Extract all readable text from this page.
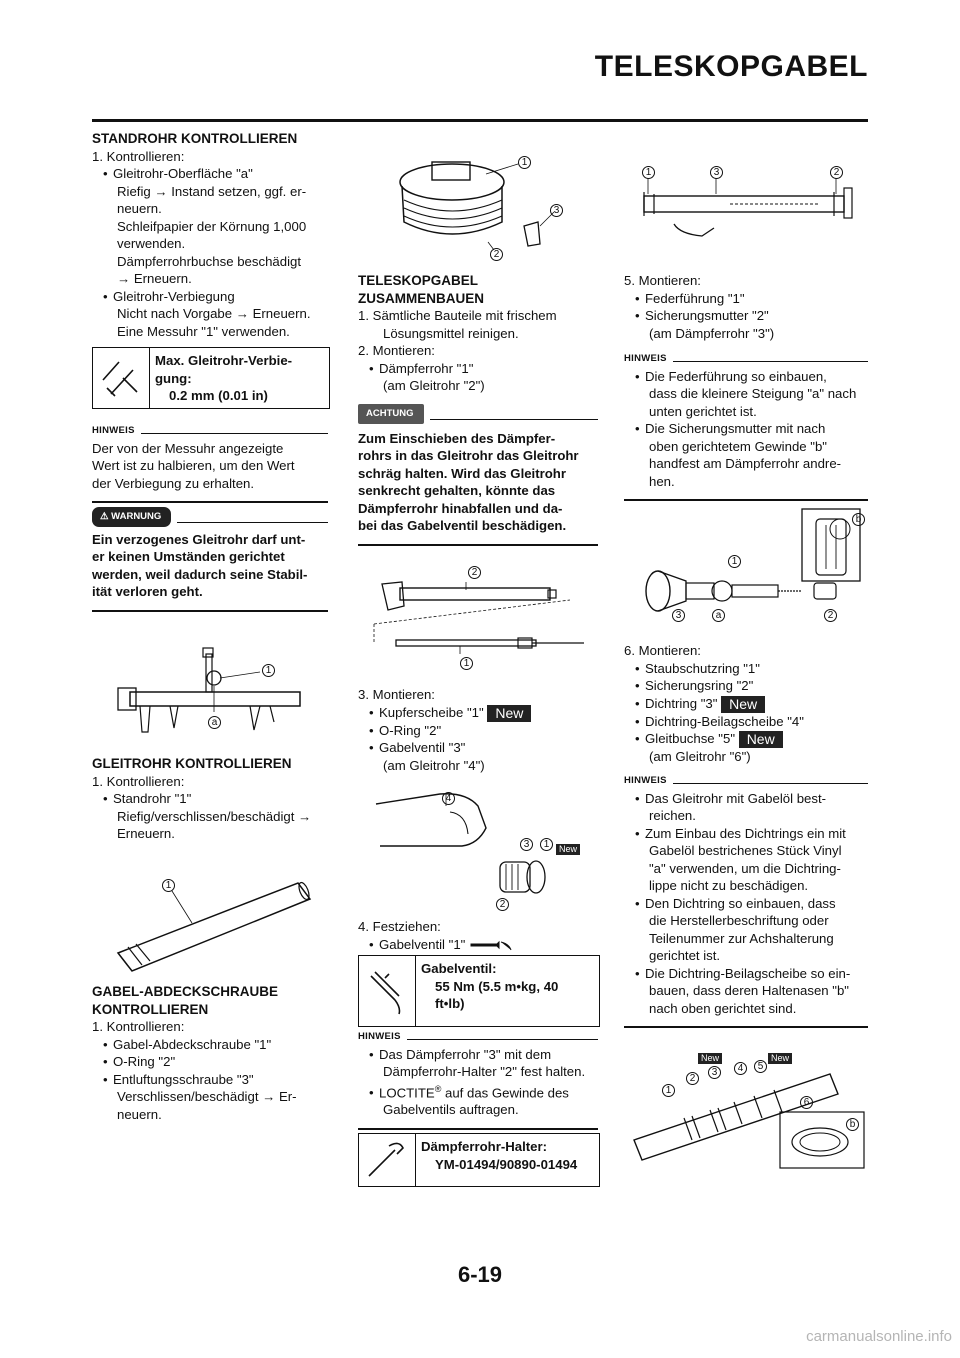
TELESKOPGABEL
STANDROHR KONTROLLIEREN
1. Kontrollieren:
• Gleitrohr-Oberfläche "a"
Riefig → Instand setzen, ggf. er-
neuern.
Schleifpapier der Körnung 1,000
verwenden.
Dämpferrohrbuchse beschädigt
→ Erneuern.
• Gleitrohr-Verbiegung
Nicht nach Vorgabe → Erneuern.
Eine Messuhr "1" verwenden.
Max. Gleitrohr-Verbie-
gung:
0.2 mm (0.01 in)
HINWEIS
Der von der Messuhr angezeigte
Wert ist zu halbieren, um den Wert
der Verbiegung zu erhalten.
⚠ WARNUNG
Ein verzogenes Gleitrohr darf unt-
er keinen Umständen gerichtet
werden, weil dadurch seine Stabil-
ität verloren geht.
1
a
GLEITROHR KONTROLLIEREN
1. Kontrollieren:
• Standrohr "1"
Riefig/verschlissen/beschädigt →
Erneuern.
1
GABEL-ABDECKSCHRAUBE
KONTROLLIEREN
1. Kontrollieren:
• Gabel-Abdeckschraube "1"
• O-Ring "2"
• Entluftungsschraube "3"
Verschlissen/beschädigt → Er-
neuern.
1
3
2
TELESKOPGABEL
ZUSAMMENBAUEN
1. Sämtliche Bauteile mit frischem
Lösungsmittel reinigen.
2. Montieren:
• Dämpferrohr "1"
(am Gleitrohr "2")
ACHTUNG
Zum Einschieben des Dämpfer-
rohrs in das Gleitrohr das Gleitrohr
schräg halten. Wird das Gleitrohr
senkrecht gehalten, könnte das
Dämpferrohr hinabfallen und da-
bei das Gabelventil beschädigen.
2
1
3. Montieren:
• Kupferscheibe "1" New
• O-Ring "2"
• Gabelventil "3"
(am Gleitrohr "4")
4
3	1	New
2
4. Festziehen:
• Gabelventil "1"
Gabelventil:
55 Nm (5.5 m•kg, 40
ft•lb)
HINWEIS
• Das Dämpferrohr "3" mit dem
Dämpferrohr-Halter "2" fest halten.
• LOCTITE® auf das Gewinde des
Gabelventils auftragen.
Dämpferrohr-Halter:
YM-01494/90890-01494
1	3	2
5. Montieren:
• Federführung "1"
• Sicherungsmutter "2"
(am Dämpferrohr "3")
HINWEIS
• Die Federführung so einbauen,
dass die kleinere Steigung "a" nach
unten gerichtet ist.
• Die Sicherungsmutter mit nach
oben gerichtetem Gewinde "b"
handfest am Dämpferrohr andre-
hen.
b
1
3	a	2
6. Montieren:
• Staubschutzring "1"
• Sicherungsring "2"
• Dichtring "3" New
• Dichtring-Beilagscheibe "4"
• Gleitbuchse "5" New
(am Gleitrohr "6")
HINWEIS
• Das Gleitrohr mit Gabelöl best-
reichen.
• Zum Einbau des Dichtrings ein mit
Gabelöl bestrichenes Stück Vinyl
"a" verwenden, um die Dichtring-
lippe nicht zu beschädigen.
• Den Dichtring so einbauen, dass
die Herstellerbeschriftung oder
Teilenummer zur Achshalterung
gerichtet ist.
• Die Dichtring-Beilagscheibe so ein-
bauen, dass deren Haltenasen "b"
nach oben gerichtet sind.
New	New
1
2
3	4	5
6
b
6-19
carmanualsonline.info
